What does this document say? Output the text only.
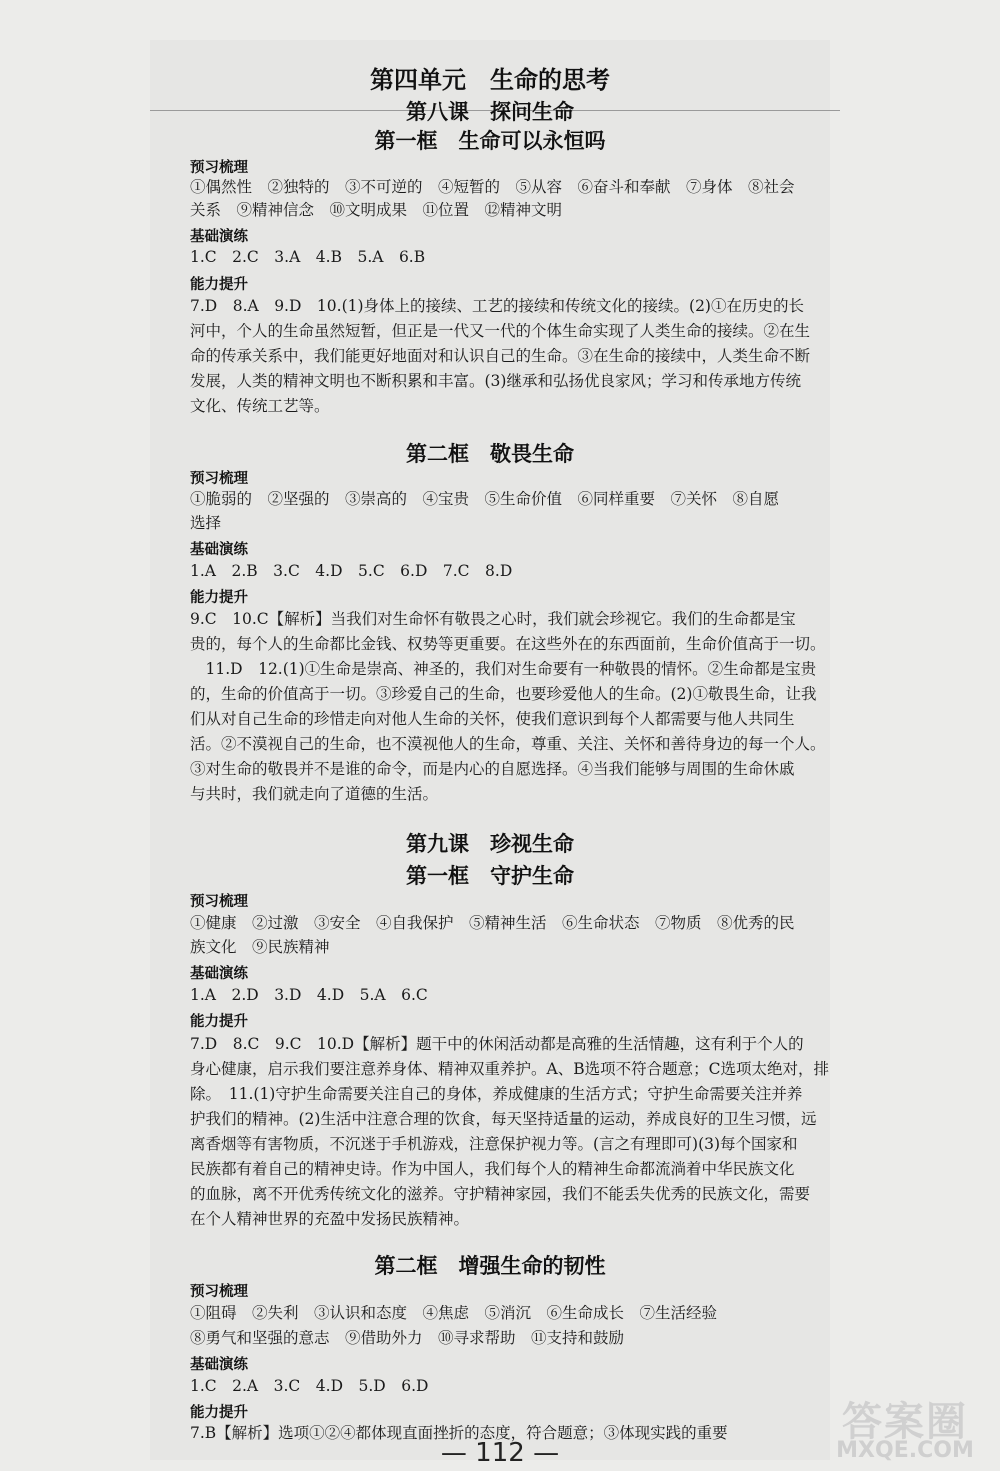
第四单元　生命的思考
第八课　探问生命
第一框　生命可以永恒吗
预习梳理
①偶然性　②独特的　③不可逆的　④短暂的　⑤从容　⑥奋斗和奉献　⑦身体　⑧社会
关系　⑨精神信念　⑩文明成果　⑪位置　⑫精神文明
基础演练
1.C　2.C　3.A　4.B　5.A　6.B
能力提升
7.D　8.A　9.D　10.(1)身体上的接续、工艺的接续和传统文化的接续。(2)①在历史的长
河中，个人的生命虽然短暂，但正是一代又一代的个体生命实现了人类生命的接续。②在生
命的传承关系中，我们能更好地面对和认识自己的生命。③在生命的接续中，人类生命不断
发展，人类的精神文明也不断积累和丰富。(3)继承和弘扬优良家风；学习和传承地方传统
文化、传统工艺等。
第二框　敬畏生命
预习梳理
①脆弱的　②坚强的　③崇高的　④宝贵　⑤生命价值　⑥同样重要　⑦关怀　⑧自愿
选择
基础演练
1.A　2.B　3.C　4.D　5.C　6.D　7.C　8.D
能力提升
9.C　10.C【解析】当我们对生命怀有敬畏之心时，我们就会珍视它。我们的生命都是宝
贵的，每个人的生命都比金钱、权势等更重要。在这些外在的东西面前，生命价值高于一切。
　11.D　12.(1)①生命是崇高、神圣的，我们对生命要有一种敬畏的情怀。②生命都是宝贵
的，生命的价值高于一切。③珍爱自己的生命，也要珍爱他人的生命。(2)①敬畏生命，让我
们从对自己生命的珍惜走向对他人生命的关怀，使我们意识到每个人都需要与他人共同生
活。②不漠视自己的生命，也不漠视他人的生命，尊重、关注、关怀和善待身边的每一个人。
③对生命的敬畏并不是谁的命令，而是内心的自愿选择。④当我们能够与周围的生命休戚
与共时，我们就走向了道德的生活。
第九课　珍视生命
第一框　守护生命
预习梳理
①健康　②过激　③安全　④自我保护　⑤精神生活　⑥生命状态　⑦物质　⑧优秀的民
族文化　⑨民族精神
基础演练
1.A　2.D　3.D　4.D　5.A　6.C
能力提升
7.D　8.C　9.C　10.D【解析】题干中的休闲活动都是高雅的生活情趣，这有利于个人的
身心健康，启示我们要注意养身体、精神双重养护。A、B选项不符合题意；C选项太绝对，排
除。　11.(1)守护生命需要关注自己的身体，养成健康的生活方式；守护生命需要关注并养
护我们的精神。(2)生活中注意合理的饮食，每天坚持适量的运动，养成良好的卫生习惯，远
离香烟等有害物质，不沉迷于手机游戏，注意保护视力等。(言之有理即可)(3)每个国家和
民族都有着自己的精神史诗。作为中国人，我们每个人的精神生命都流淌着中华民族文化
的血脉，离不开优秀传统文化的滋养。守护精神家园，我们不能丢失优秀的民族文化，需要
在个人精神世界的充盈中发扬民族精神。
第二框　增强生命的韧性
预习梳理
①阻碍　②失利　③认识和态度　④焦虑　⑤消沉　⑥生命成长　⑦生活经验
⑧勇气和坚强的意志　⑨借助外力　⑩寻求帮助　⑪支持和鼓励
基础演练
1.C　2.A　3.C　4.D　5.D　6.D
能力提升
7.B【解析】选项①②④都体现直面挫折的态度，符合题意；③体现实践的重要
— 112 —
答案圈
MXQE.COM
